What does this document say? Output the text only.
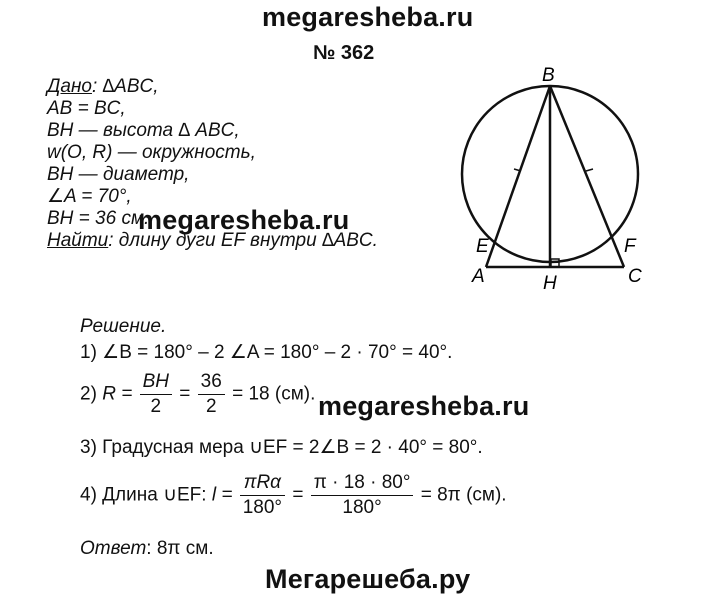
megaresheba.ru
№ 362
Дано: ∆ABC,
AB = BC,
BH — высота ∆ ABC,
w(O, R) — окружность,
BH — диаметр,
∠A = 70°,
BH = 36 см.
Найти: длину дуги EF внутри ∆ABC.
megaresheba.ru
B
E	F
A	H	C
Решение.
1) ∠B = 180° – 2 ∠A = 180° – 2 · 70° = 40°.
2) $R = \frac{BH}{2} = \frac{36}{2} = 18$ (см). megaresheba.ru
3) Градусная мера ∪EF = 2∠B = 2 · 40° = 80°.
4) Длина ∪EF: $l = \frac{\text{πRα}}{180^\circ} = \frac{\pi \cdot 18 \cdot 80^\circ}{180^\circ} = 8\pi$ (см).
Ответ: 8π см.
Мегарешеба.ру
